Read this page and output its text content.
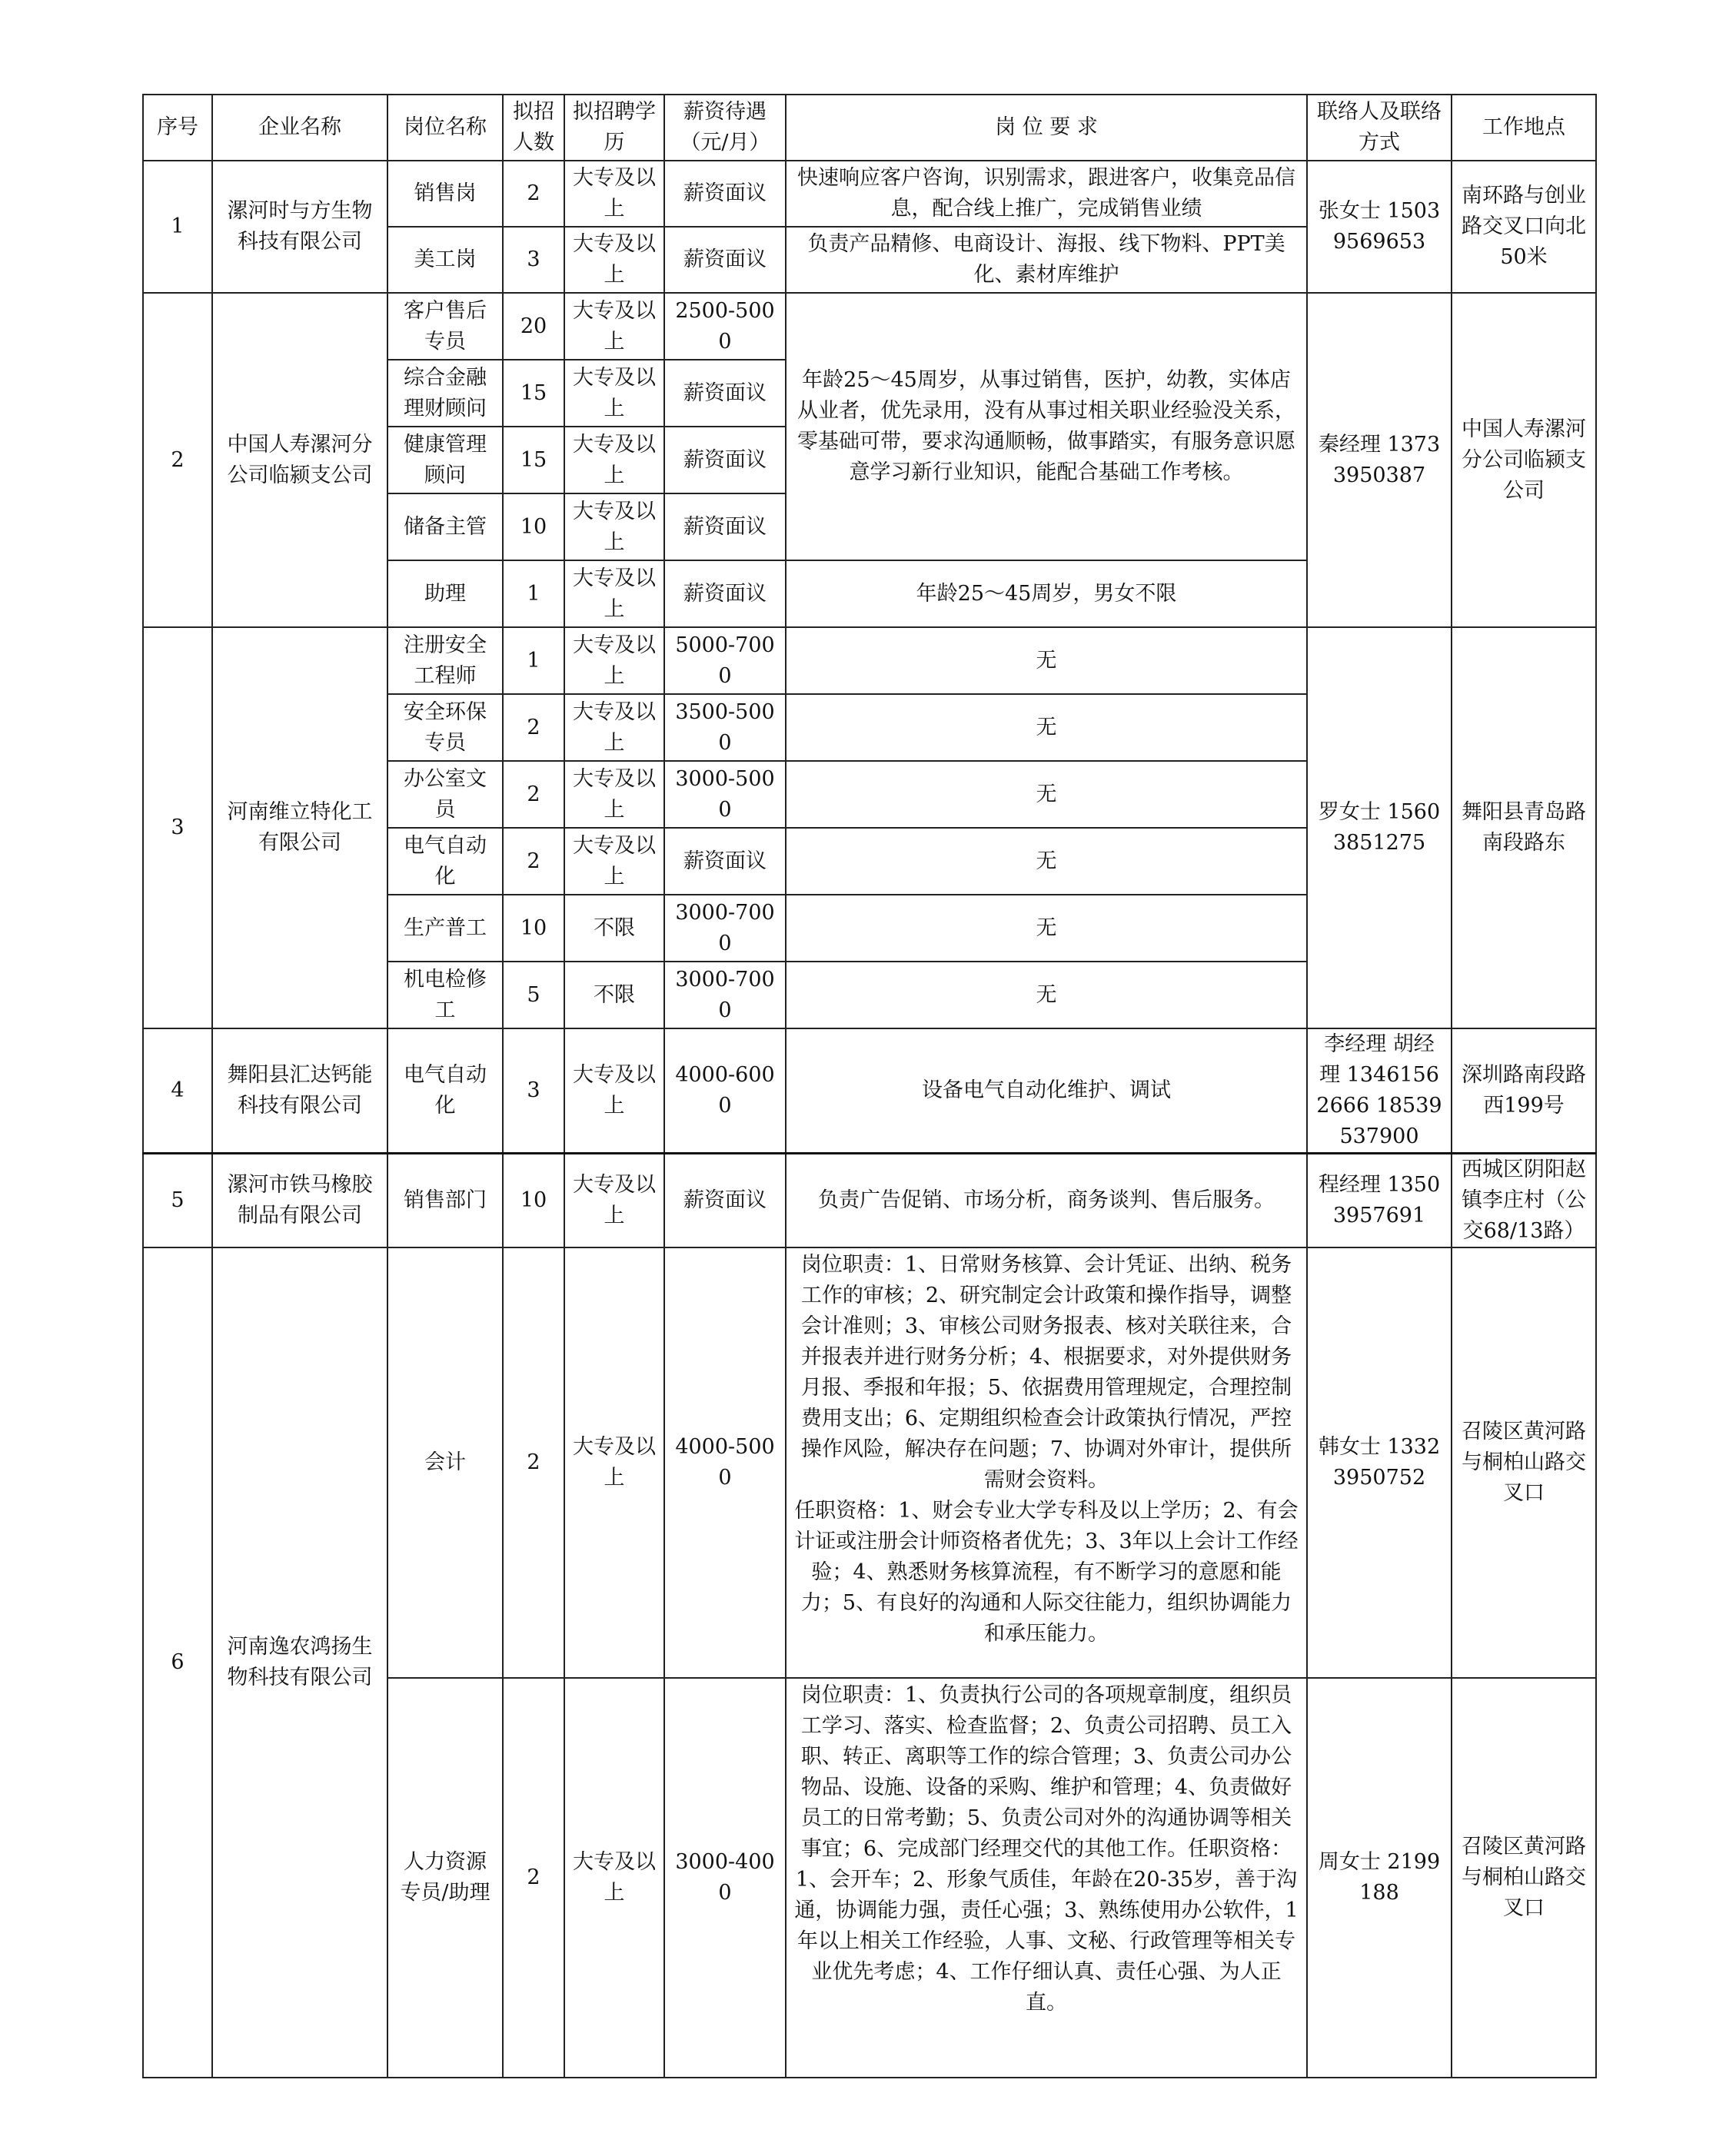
序号	企业名称	岗位名称	拟招人数	拟招聘学历	薪资待遇（元/月）	岗 位 要 求	联络人及联络方式	工作地点
1	漯河时与方生物科技有限公司	销售岗	2	大专及以上	薪资面议	快速响应客户咨询，识别需求，跟进客户，收集竞品信息，配合线上推广，完成销售业绩	张女士 15039569653	南环路与创业路交叉口向北50米
		美工岗	3	大专及以上	薪资面议	负责产品精修、电商设计、海报、线下物料、PPT美化、素材库维护		
2	中国人寿漯河分公司临颍支公司	客户售后专员	20	大专及以上	2500-5000	年龄25～45周岁，从事过销售，医护，幼教，实体店从业者，优先录用，没有从事过相关职业经验没关系，零基础可带，要求沟通顺畅，做事踏实，有服务意识愿意学习新行业知识，能配合基础工作考核。	秦经理 13733950387	中国人寿漯河分公司临颍支公司
		综合金融理财顾问	15	大专及以上	薪资面议			
		健康管理顾问	15	大专及以上	薪资面议			
		储备主管	10	大专及以上	薪资面议			
		助理	1	大专及以上	薪资面议	年龄25～45周岁，男女不限		
3	河南维立特化工有限公司	注册安全工程师	1	大专及以上	5000-7000	无	罗女士 15603851275	舞阳县青岛路南段路东
		安全环保专员	2	大专及以上	3500-5000	无		
		办公室文员	2	大专及以上	3000-5000	无		
		电气自动化	2	大专及以上	薪资面议	无		
		生产普工	10	不限	3000-7000	无		
		机电检修工	5	不限	3000-7000	无		
4	舞阳县汇达钙能科技有限公司	电气自动化	3	大专及以上	4000-6000	设备电气自动化维护、调试	李经理 胡经理 13461562666 18539537900	深圳路南段路西199号
5	漯河市铁马橡胶制品有限公司	销售部门	10	大专及以上	薪资面议	负责广告促销、市场分析，商务谈判、售后服务。	程经理 13503957691	西城区阴阳赵镇李庄村（公交68/13路）
6	河南逸农鸿扬生物科技有限公司	会计	2	大专及以上	4000-5000	岗位职责：1、日常财务核算、会计凭证、出纳、税务工作的审核；2、研究制定会计政策和操作指导，调整会计准则；3、审核公司财务报表、核对关联往来，合并报表并进行财务分析；4、根据要求，对外提供财务月报、季报和年报；5、依据费用管理规定，合理控制费用支出；6、定期组织检查会计政策执行情况，严控操作风险，解决存在问题；7、协调对外审计，提供所需财会资料。
任职资格：1、财会专业大学专科及以上学历；2、有会计证或注册会计师资格者优先；3、3年以上会计工作经验；4、熟悉财务核算流程，有不断学习的意愿和能力；5、有良好的沟通和人际交往能力，组织协调能力和承压能力。	韩女士 13323950752	召陵区黄河路与桐柏山路交叉口
		人力资源专员/助理	2	大专及以上	3000-4000	岗位职责：1、负责执行公司的各项规章制度，组织员工学习、落实、检查监督；2、负责公司招聘、员工入职、转正、离职等工作的综合管理；3、负责公司办公物品、设施、设备的采购、维护和管理；4、负责做好员工的日常考勤；5、负责公司对外的沟通协调等相关事宜；6、完成部门经理交代的其他工作。任职资格：1、会开车；2、形象气质佳，年龄在20-35岁，善于沟通，协调能力强，责任心强；3、熟练使用办公软件，1年以上相关工作经验，人事、文秘、行政管理等相关专业优先考虑；4、工作仔细认真、责任心强、为人正直。	周女士 2199188	召陵区黄河路与桐柏山路交叉口
